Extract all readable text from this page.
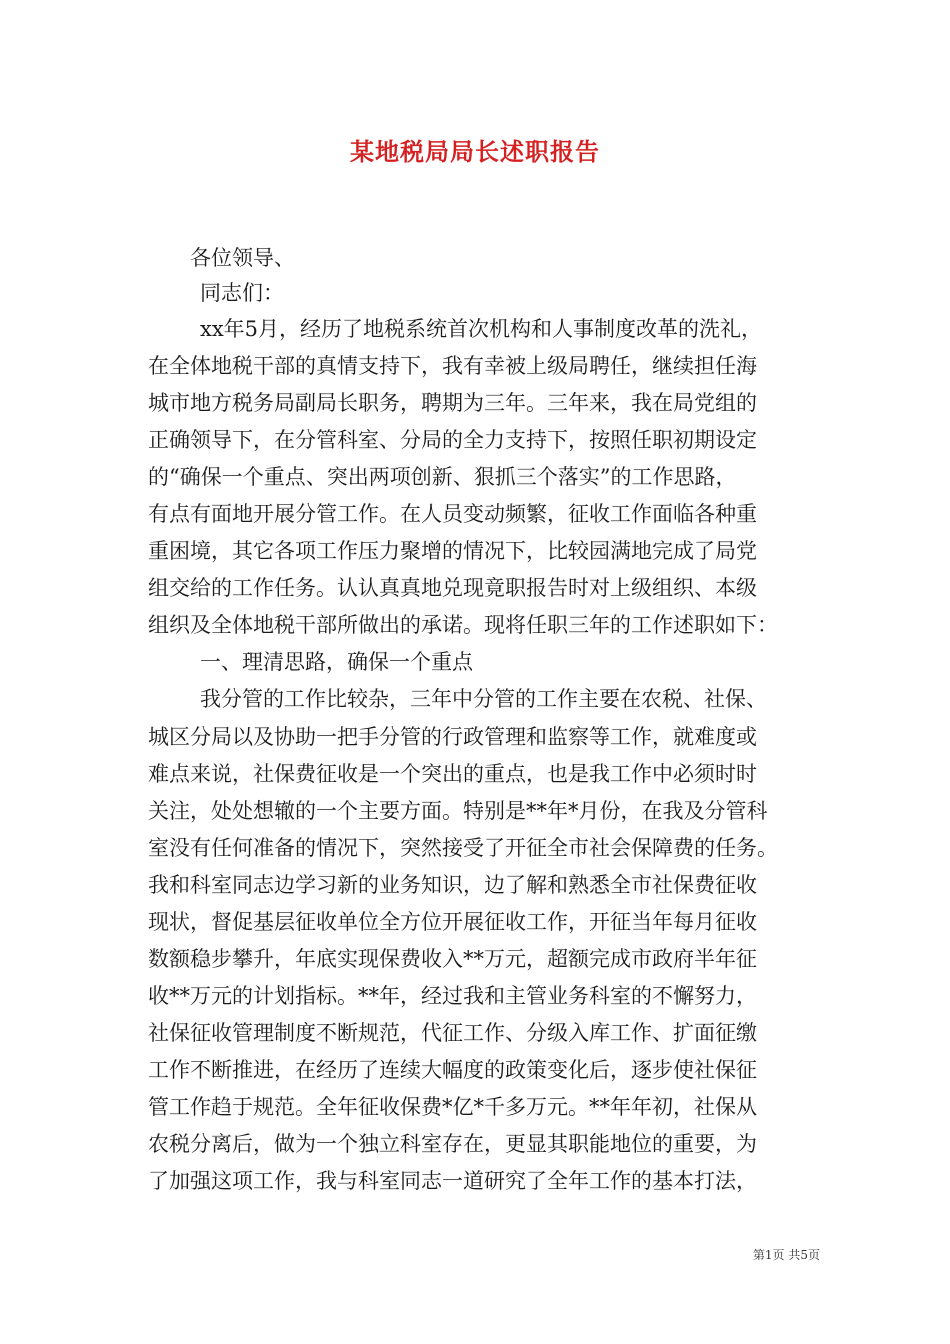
某地税局局长述职报告
各位领导、
同志们：
xx年5月，经历了地税系统首次机构和人事制度改革的洗礼，
在全体地税干部的真情支持下，我有幸被上级局聘任，继续担任海
城市地方税务局副局长职务，聘期为三年。三年来，我在局党组的
正确领导下，在分管科室、分局的全力支持下，按照任职初期设定
的“确保一个重点、突出两项创新、狠抓三个落实”的工作思路，
有点有面地开展分管工作。在人员变动频繁，征收工作面临各种重
重困境，其它各项工作压力聚增的情况下，比较园满地完成了局党
组交给的工作任务。认认真真地兑现竟职报告时对上级组织、本级
组织及全体地税干部所做出的承诺。现将任职三年的工作述职如下：
一、理清思路，确保一个重点
我分管的工作比较杂，三年中分管的工作主要在农税、社保、
城区分局以及协助一把手分管的行政管理和监察等工作，就难度或
难点来说，社保费征收是一个突出的重点，也是我工作中必须时时
关注，处处想辙的一个主要方面。特别是**年*月份，在我及分管科
室没有任何准备的情况下，突然接受了开征全市社会保障费的任务。
我和科室同志边学习新的业务知识，边了解和熟悉全市社保费征收
现状，督促基层征收单位全方位开展征收工作，开征当年每月征收
数额稳步攀升，年底实现保费收入**万元，超额完成市政府半年征
收**万元的计划指标。**年，经过我和主管业务科室的不懈努力，
社保征收管理制度不断规范，代征工作、分级入库工作、扩面征缴
工作不断推进，在经历了连续大幅度的政策变化后，逐步使社保征
管工作趋于规范。全年征收保费*亿*千多万元。**年年初，社保从
农税分离后，做为一个独立科室存在，更显其职能地位的重要，为
了加强这项工作，我与科室同志一道研究了全年工作的基本打法，
第1页 共5页
